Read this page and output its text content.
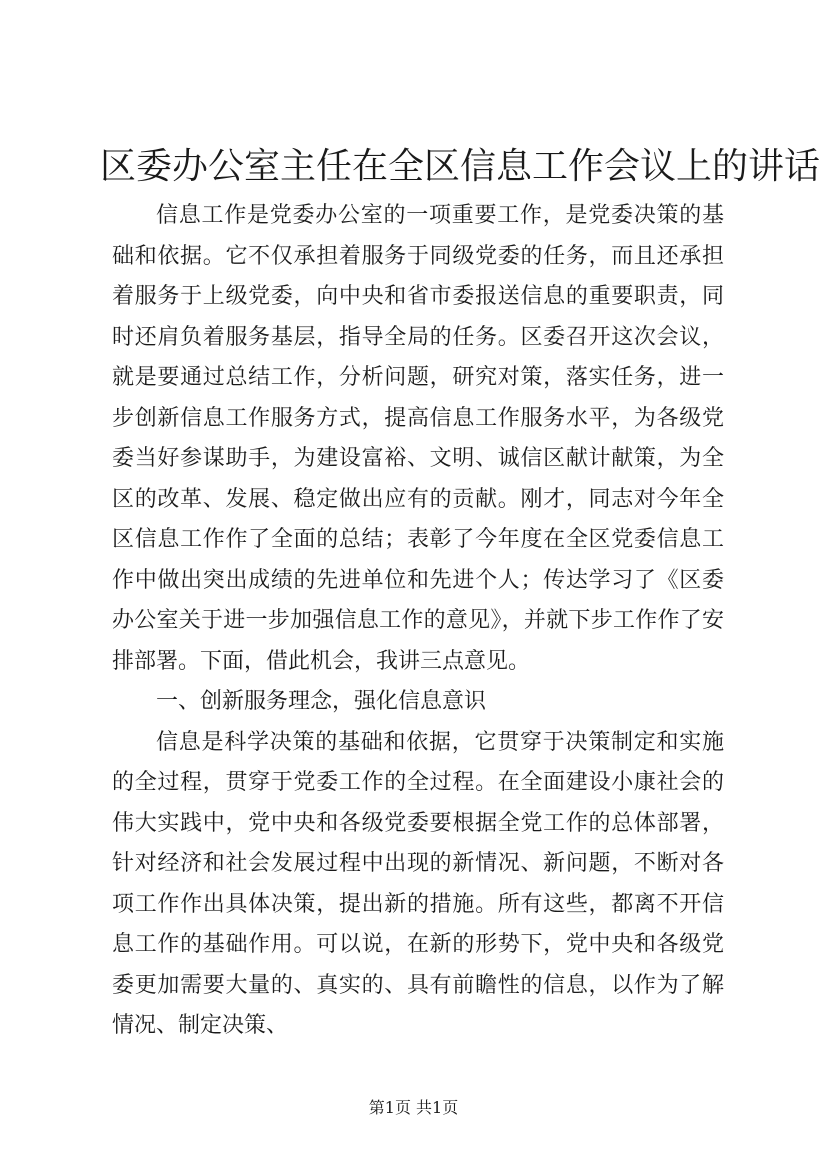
区委办公室主任在全区信息工作会议上的讲话

信息工作是党委办公室的一项重要工作，是党委决策的基础和依据。它不仅承担着服务于同级党委的任务，而且还承担着服务于上级党委，向中央和省市委报送信息的重要职责，同时还肩负着服务基层，指导全局的任务。区委召开这次会议，就是要通过总结工作，分析问题，研究对策，落实任务，进一步创新信息工作服务方式，提高信息工作服务水平，为各级党委当好参谋助手，为建设富裕、文明、诚信区献计献策，为全区的改革、发展、稳定做出应有的贡献。刚才，同志对今年全区信息工作作了全面的总结；表彰了今年度在全区党委信息工作中做出突出成绩的先进单位和先进个人；传达学习了《区委办公室关于进一步加强信息工作的意见》，并就下步工作作了安排部署。下面，借此机会，我讲三点意见。

一、创新服务理念，强化信息意识

信息是科学决策的基础和依据，它贯穿于决策制定和实施的全过程，贯穿于党委工作的全过程。在全面建设小康社会的伟大实践中，党中央和各级党委要根据全党工作的总体部署，针对经济和社会发展过程中出现的新情况、新问题，不断对各项工作作出具体决策，提出新的措施。所有这些，都离不开信息工作的基础作用。可以说，在新的形势下，党中央和各级党委更加需要大量的、真实的、具有前瞻性的信息，以作为了解情况、制定决策、

第1页 共1页
